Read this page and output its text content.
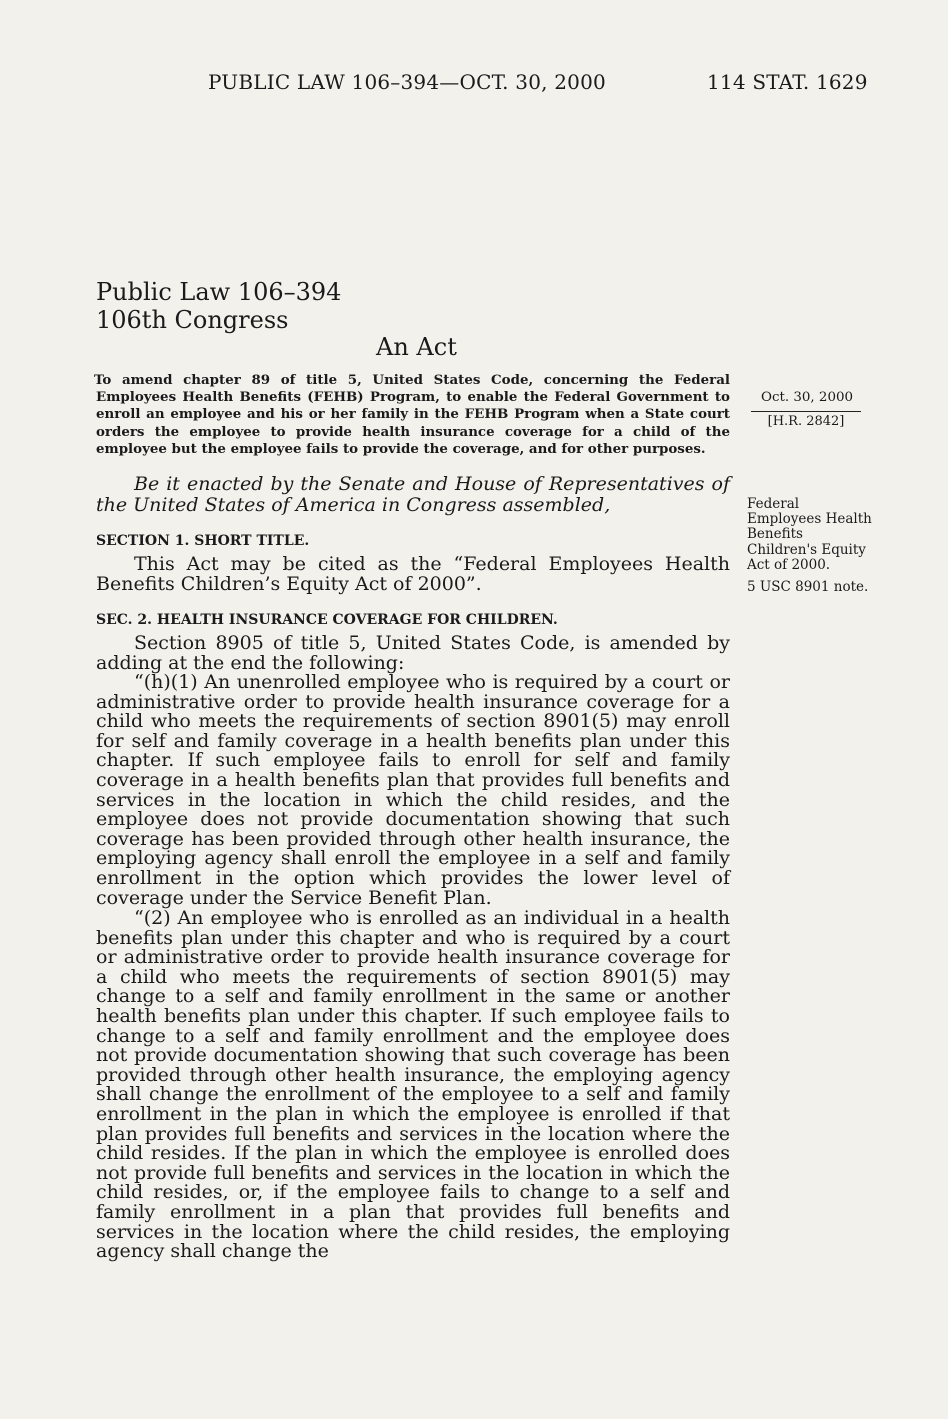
PUBLIC LAW 106–394—OCT. 30, 2000	114 STAT. 1629
Public Law 106–394
106th Congress
An Act
To amend chapter 89 of title 5, United States Code, concerning the Federal Employees Health Benefits (FEHB) Program, to enable the Federal Government to enroll an employee and his or her family in the FEHB Program when a State court orders the employee to provide health insurance coverage for a child of the employee but the employee fails to provide the coverage, and for other purposes.
Oct. 30, 2000
[H.R. 2842]
Be it enacted by the Senate and House of Representatives of the United States of America in Congress assembled,	Federal Employees Health Benefits Children's Equity Act of 2000.
5 USC 8901 note.
SECTION 1. SHORT TITLE.
This Act may be cited as the “Federal Employees Health Benefits Children’s Equity Act of 2000”.
SEC. 2. HEALTH INSURANCE COVERAGE FOR CHILDREN.
Section 8905 of title 5, United States Code, is amended by adding at the end the following:
“(h)(1) An unenrolled employee who is required by a court or administrative order to provide health insurance coverage for a child who meets the requirements of section 8901(5) may enroll for self and family coverage in a health benefits plan under this chapter. If such employee fails to enroll for self and family coverage in a health benefits plan that provides full benefits and services in the location in which the child resides, and the employee does not provide documentation showing that such coverage has been provided through other health insurance, the employing agency shall enroll the employee in a self and family enrollment in the option which provides the lower level of coverage under the Service Benefit Plan.
“(2) An employee who is enrolled as an individual in a health benefits plan under this chapter and who is required by a court or administrative order to provide health insurance coverage for a child who meets the requirements of section 8901(5) may change to a self and family enrollment in the same or another health benefits plan under this chapter. If such employee fails to change to a self and family enrollment and the employee does not provide documentation showing that such coverage has been provided through other health insurance, the employing agency shall change the enrollment of the employee to a self and family enrollment in the plan in which the employee is enrolled if that plan provides full benefits and services in the location where the child resides. If the plan in which the employee is enrolled does not provide full benefits and services in the location in which the child resides, or, if the employee fails to change to a self and family enrollment in a plan that provides full benefits and services in the location where the child resides, the employing agency shall change the
